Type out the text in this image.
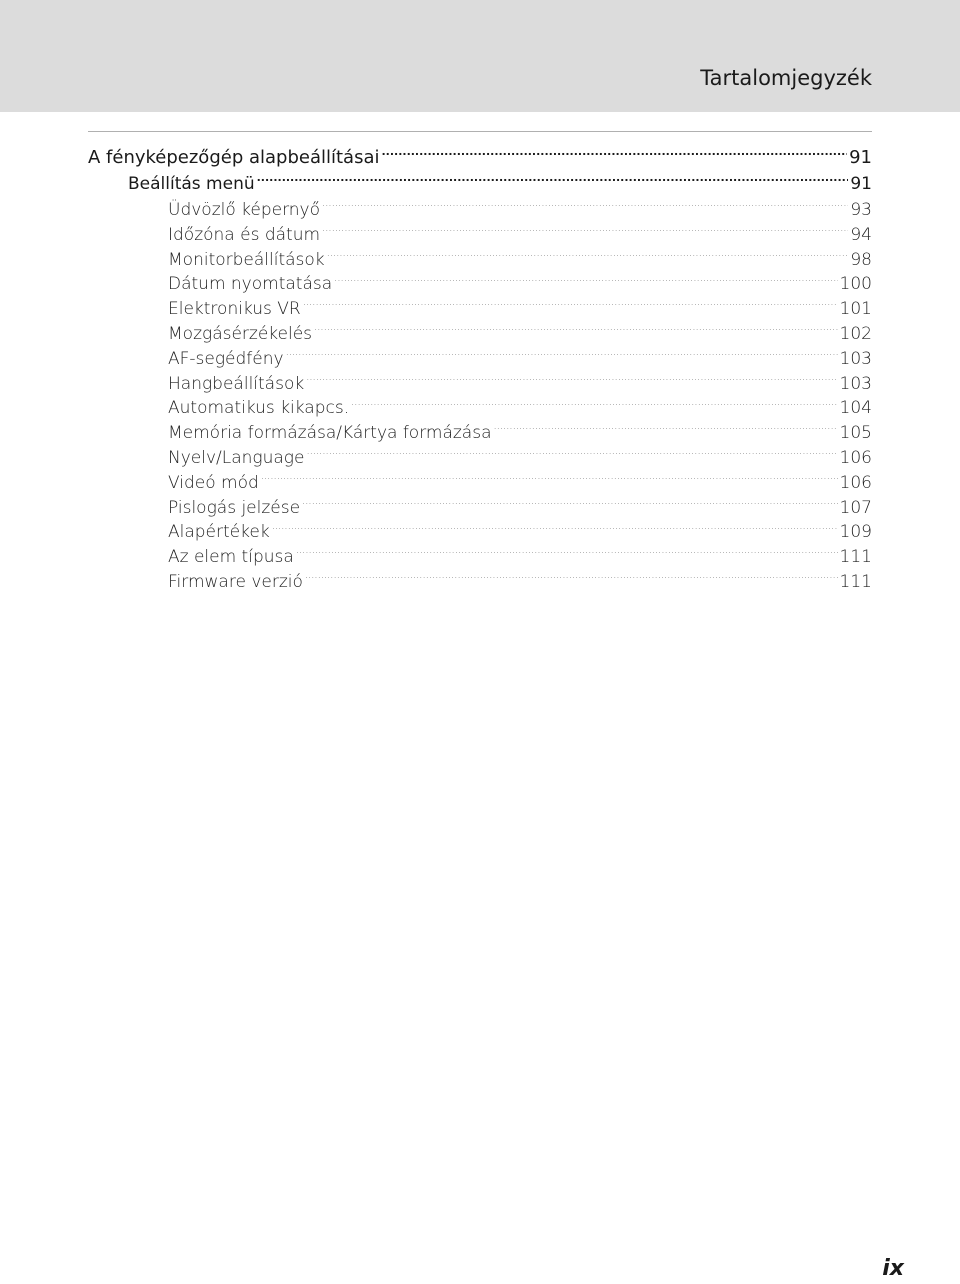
Tartalomjegyzék
A fényképezőgép alapbeállításai .....	91
Beállítás menü .....	91
Üdvözlő képernyő .....	93
Időzóna és dátum .....	94
Monitorbeállítások .....	98
Dátum nyomtatása .....	100
Elektronikus VR .....	101
Mozgásérzékelés .....	102
AF-segédfény .....	103
Hangbeállítások .....	103
Automatikus kikapcs. .....	104
Memória formázása/Kártya formázása .....	105
Nyelv/Language .....	106
Videó mód .....	106
Pislogás jelzése .....	107
Alapértékek .....	109
Az elem típusa .....	111
Firmware verzió .....	111
ix
